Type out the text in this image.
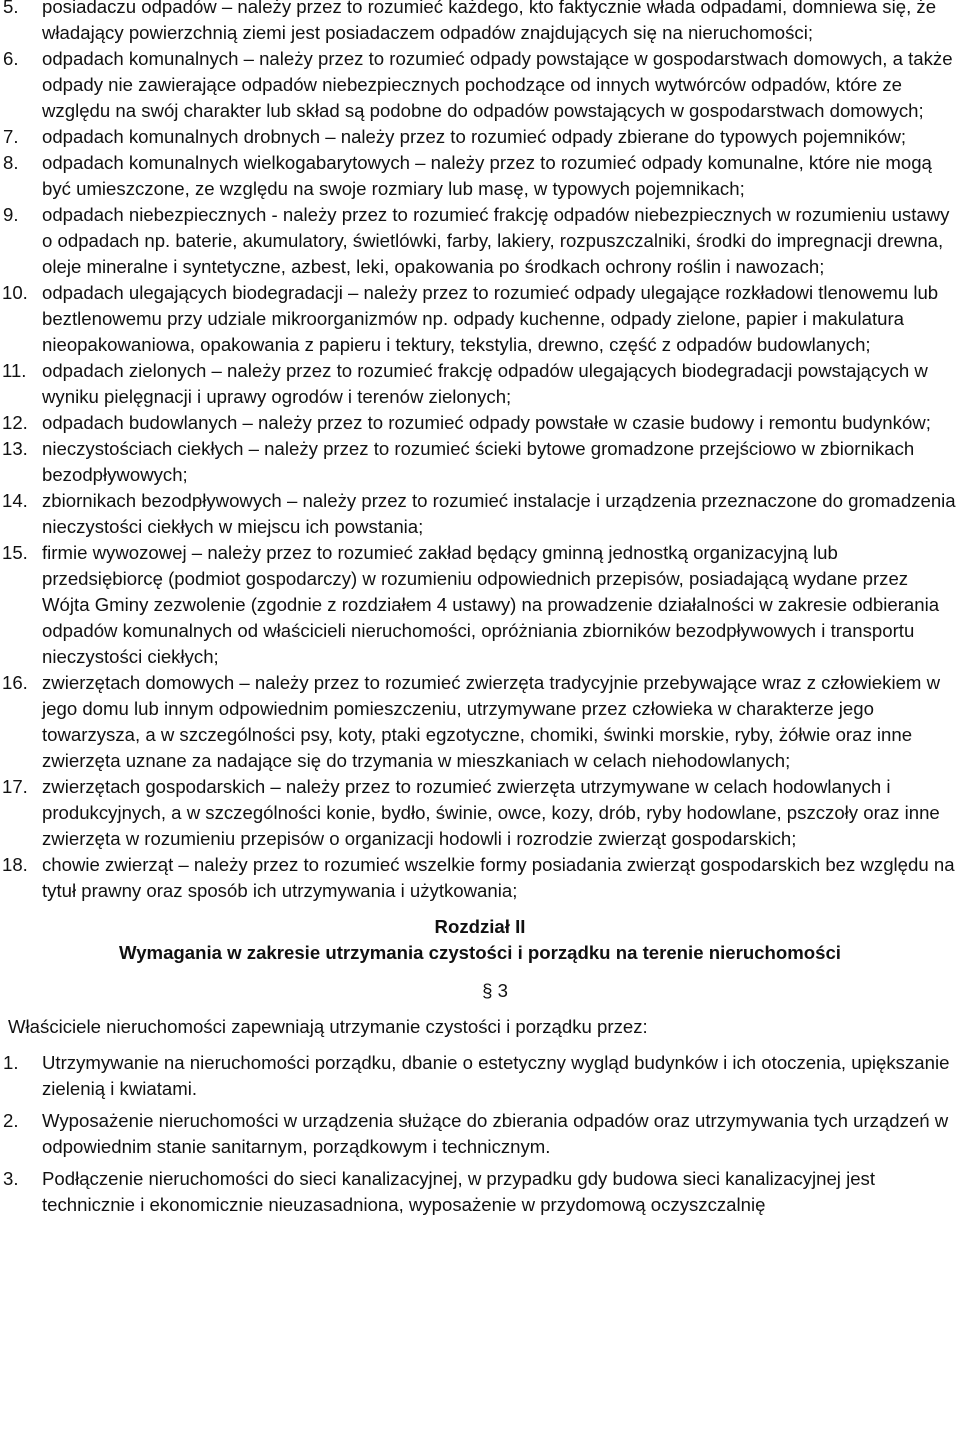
5. posiadaczu odpadów – należy przez to rozumieć każdego, kto faktycznie włada odpadami, domniewa się, że władający powierzchnią ziemi jest posiadaczem odpadów znajdujących się na nieruchomości;
6. odpadach komunalnych – należy przez to rozumieć odpady powstające w gospodarstwach domowych, a także odpady nie zawierające odpadów niebezpiecznych pochodzące od innych wytwórców odpadów, które ze względu na swój charakter lub skład są podobne do odpadów powstających w gospodarstwach domowych;
7. odpadach komunalnych drobnych – należy przez to rozumieć odpady zbierane do typowych pojemników;
8. odpadach komunalnych wielkogabarytowych – należy przez to rozumieć odpady komunalne, które nie mogą być umieszczone, ze względu na swoje rozmiary lub masę, w typowych pojemnikach;
9. odpadach niebezpiecznych - należy przez to rozumieć frakcję odpadów niebezpiecznych w rozumieniu ustawy o odpadach np. baterie, akumulatory, świetlówki, farby, lakiery, rozpuszczalniki, środki do impregnacji drewna, oleje mineralne i syntetyczne, azbest, leki, opakowania po środkach ochrony roślin i nawozach;
10. odpadach ulegających biodegradacji – należy przez to rozumieć odpady ulegające rozkładowi tlenowemu lub beztlenowemu przy udziale mikroorganizmów np. odpady kuchenne, odpady zielone, papier i makulatura nieopakowaniowa, opakowania z papieru i tektury, tekstylia, drewno, część z odpadów budowlanych;
11. odpadach zielonych – należy przez to rozumieć frakcję odpadów ulegających biodegradacji powstających w wyniku pielęgnacji i uprawy ogrodów i terenów zielonych;
12. odpadach budowlanych – należy przez to rozumieć odpady powstałe w czasie budowy i remontu budynków;
13. nieczystościach ciekłych – należy przez to rozumieć ścieki bytowe gromadzone przejściowo w zbiornikach bezodpływowych;
14. zbiornikach bezodpływowych – należy przez to rozumieć instalacje i urządzenia przeznaczone do gromadzenia nieczystości ciekłych w miejscu ich powstania;
15. firmie wywozowej – należy przez to rozumieć zakład będący gminną jednostką organizacyjną lub przedsiębiorcę (podmiot gospodarczy) w rozumieniu odpowiednich przepisów, posiadającą wydane przez Wójta Gminy zezwolenie (zgodnie z rozdziałem 4 ustawy) na prowadzenie działalności w zakresie odbierania odpadów komunalnych od właścicieli nieruchomości, opróżniania zbiorników bezodpływowych i transportu nieczystości ciekłych;
16. zwierzętach domowych – należy przez to rozumieć zwierzęta tradycyjnie przebywające wraz z człowiekiem w jego domu lub innym odpowiednim pomieszczeniu, utrzymywane przez człowieka w charakterze jego towarzysza, a w szczególności psy, koty, ptaki egzotyczne, chomiki, świnki morskie, ryby, żółwie oraz inne zwierzęta uznane za nadające się do trzymania w mieszkaniach w celach niehodowlanych;
17. zwierzętach gospodarskich – należy przez to rozumieć zwierzęta utrzymywane w celach hodowlanych i produkcyjnych, a w szczególności konie, bydło, świnie, owce, kozy, drób, ryby hodowlane, pszczoły oraz inne zwierzęta w rozumieniu przepisów o organizacji hodowli i rozrodzie zwierząt gospodarskich;
18. chowie zwierząt – należy przez to rozumieć wszelkie formy posiadania zwierząt gospodarskich bez względu na tytuł prawny oraz sposób ich utrzymywania i użytkowania;
Rozdział II
Wymagania w zakresie utrzymania czystości i porządku na terenie nieruchomości
§ 3
Właściciele nieruchomości zapewniają utrzymanie czystości i porządku przez:
1. Utrzymywanie na nieruchomości porządku, dbanie o estetyczny wygląd budynków i ich otoczenia, upiększanie zielenią i kwiatami.
2. Wyposażenie nieruchomości w urządzenia służące do zbierania odpadów oraz utrzymywania tych urządzeń w odpowiednim stanie sanitarnym, porządkowym i technicznym.
3. Podłączenie nieruchomości do sieci kanalizacyjnej, w przypadku gdy budowa sieci kanalizacyjnej jest technicznie i ekonomicznie nieuzasadniona, wyposażenie w przydomową oczyszczalnię
